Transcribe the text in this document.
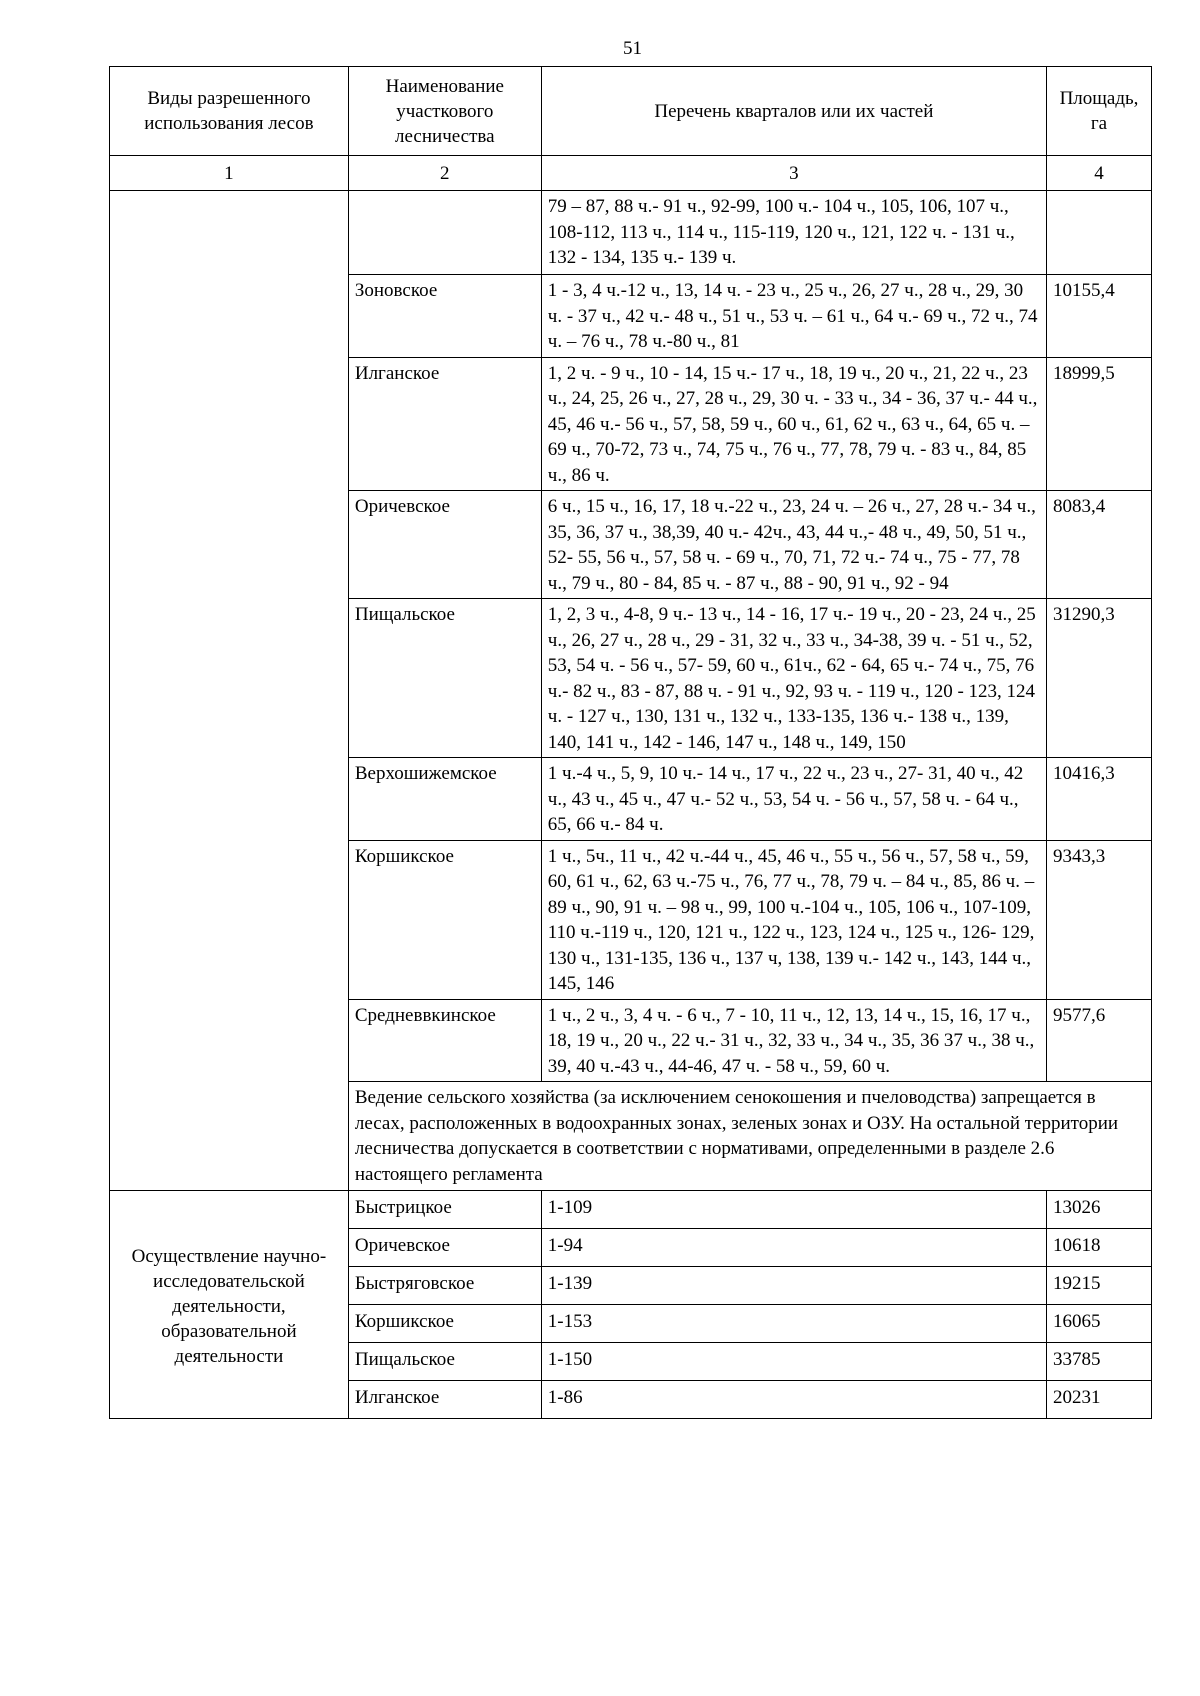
51
Виды разрешенного использования лесов	Наименование участкового лесничества	Перечень кварталов или их частей	Площадь, га
1	2	3	4
		79 – 87, 88 ч.- 91 ч., 92-99, 100 ч.- 104 ч., 105, 106, 107 ч., 108-112, 113 ч., 114 ч., 115-119, 120 ч., 121, 122 ч. - 131 ч., 132 - 134, 135 ч.- 139 ч.	
	Зоновское	1 - 3, 4 ч.-12 ч., 13, 14 ч. - 23 ч., 25 ч., 26, 27 ч., 28 ч., 29, 30 ч. - 37 ч., 42 ч.- 48 ч., 51 ч., 53 ч. – 61 ч., 64 ч.- 69 ч., 72 ч., 74 ч. – 76 ч., 78 ч.-80 ч., 81	10155,4
	Илганское	1, 2 ч. - 9 ч., 10 - 14, 15 ч.- 17 ч., 18, 19 ч., 20 ч., 21, 22 ч., 23 ч., 24, 25, 26 ч., 27, 28 ч., 29, 30 ч. - 33 ч., 34 - 36, 37 ч.- 44 ч., 45, 46 ч.- 56 ч., 57, 58, 59 ч., 60 ч., 61, 62 ч., 63 ч., 64, 65 ч. – 69 ч., 70-72, 73 ч., 74, 75 ч., 76 ч., 77, 78, 79 ч. - 83 ч., 84, 85 ч., 86 ч.	18999,5
	Оричевское	6 ч., 15 ч., 16, 17, 18 ч.-22 ч., 23, 24 ч. – 26 ч., 27, 28 ч.- 34 ч., 35, 36, 37 ч., 38,39, 40 ч.- 42ч., 43, 44 ч.,- 48 ч., 49, 50, 51 ч., 52- 55, 56 ч., 57, 58 ч. - 69 ч., 70, 71, 72 ч.- 74 ч., 75 - 77, 78 ч., 79 ч., 80 - 84, 85 ч. - 87 ч., 88 - 90, 91 ч., 92 - 94	8083,4
	Пищальское	1, 2, 3 ч., 4-8, 9 ч.- 13 ч., 14 - 16, 17 ч.- 19 ч., 20 - 23, 24 ч., 25 ч., 26, 27 ч., 28 ч., 29 - 31, 32 ч., 33 ч., 34-38, 39 ч. - 51 ч., 52, 53, 54 ч. - 56 ч., 57- 59, 60 ч., 61ч., 62 - 64, 65 ч.- 74 ч., 75, 76 ч.- 82 ч., 83 - 87, 88 ч. - 91 ч., 92, 93 ч. - 119 ч., 120 - 123, 124 ч. - 127 ч., 130, 131 ч., 132 ч., 133-135, 136 ч.- 138 ч., 139, 140, 141 ч., 142 - 146, 147 ч., 148 ч., 149, 150	31290,3
	Верхошижемское	1 ч.-4 ч., 5, 9, 10 ч.- 14 ч., 17 ч., 22 ч., 23 ч., 27- 31, 40 ч., 42 ч., 43 ч., 45 ч., 47 ч.- 52 ч., 53, 54 ч. - 56 ч., 57, 58 ч. - 64 ч., 65, 66 ч.- 84 ч.	10416,3
	Коршикское	1 ч., 5ч., 11 ч., 42 ч.-44 ч., 45, 46 ч., 55 ч., 56 ч., 57, 58 ч., 59, 60, 61 ч., 62, 63 ч.-75 ч., 76, 77 ч., 78, 79 ч. – 84 ч., 85, 86 ч. – 89 ч., 90, 91 ч. – 98 ч., 99, 100 ч.-104 ч., 105, 106 ч., 107-109, 110 ч.-119 ч., 120, 121 ч., 122 ч., 123, 124 ч., 125 ч., 126- 129, 130 ч., 131-135, 136 ч., 137 ч, 138, 139 ч.- 142 ч., 143, 144 ч., 145, 146	9343,3
	Средневвкинское	1 ч., 2 ч., 3, 4 ч. - 6 ч., 7 - 10, 11 ч., 12, 13, 14 ч., 15, 16, 17 ч., 18, 19 ч., 20 ч., 22 ч.- 31 ч., 32, 33 ч., 34 ч., 35, 36 37 ч., 38 ч., 39, 40 ч.-43 ч., 44-46, 47 ч. - 58 ч., 59, 60 ч.	9577,6
	Ведение сельского хозяйства (за исключением сенокошения и пчеловодства) запрещается в лесах, расположенных в водоохранных зонах, зеленых зонах и ОЗУ. На остальной территории лесничества допускается в соответствии с нормативами, определенными в разделе 2.6 настоящего регламента		
Осуществление научно-исследовательской деятельности, образовательной деятельности	Быстрицкое	1-109	13026
	Оричевское	1-94	10618
	Быстряговское	1-139	19215
	Коршикское	1-153	16065
	Пищальское	1-150	33785
	Илганское	1-86	20231
